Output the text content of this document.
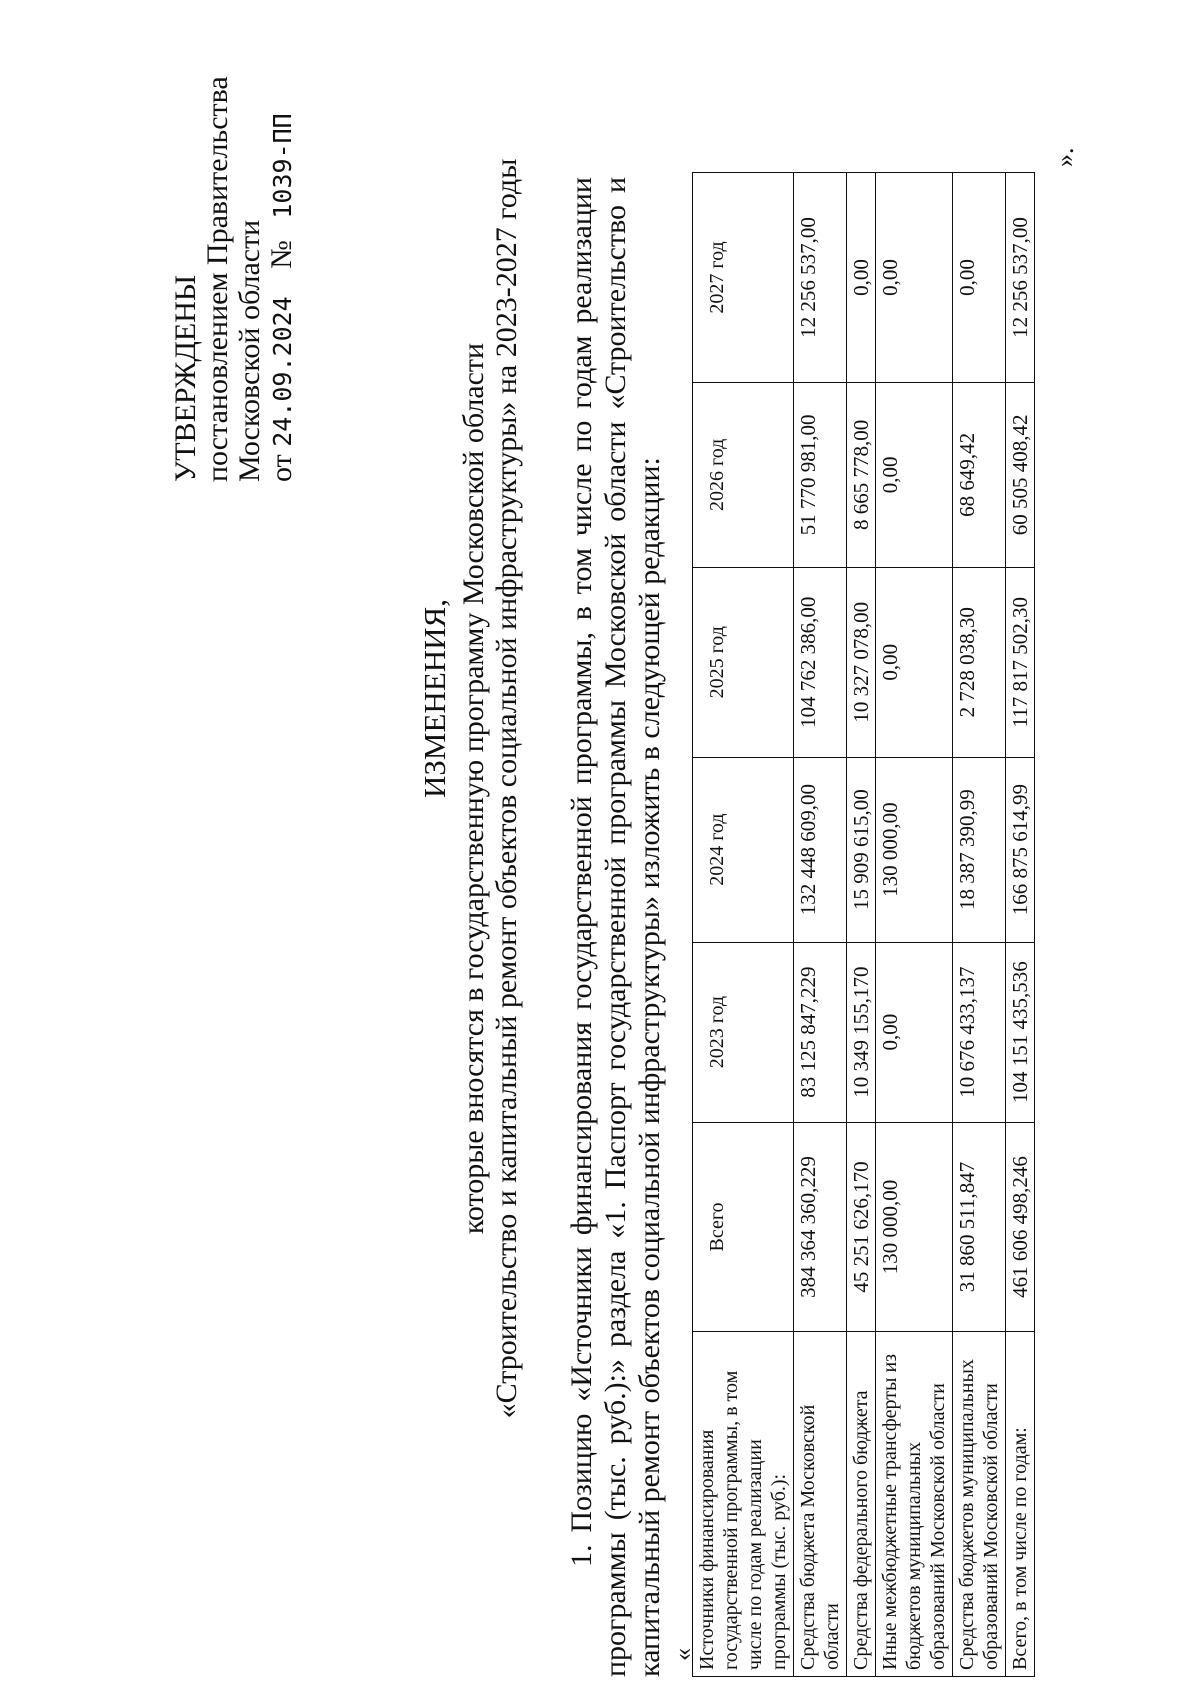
УТВЕРЖДЕНЫ постановлением Правительства Московской области от 24.09.2024 № 1039-ПП
ИЗМЕНЕНИЯ, которые вносятся в государственную программу Московской области «Строительство и капитальный ремонт объектов социальной инфраструктуры» на 2023-2027 годы 1. Позицию «Источники финансирования государственной программы, в том числе по годам реализации программы (тыс. руб.):» раздела «1. Паспорт государственной программы Московской области «Строительство и капитальный ремонт объектов социальной инфраструктуры» изложить в следующей редакции: « Источники финансирования государственной программы, в том числе по годам реализации программы (тыс. руб.):	Всего	2023 год	2024 год	2025 год	2026 год	2027 год
Средства бюджета Московской области	384 364 360,229	83 125 847,229	132 448 609,00	104 762 386,00	51 770 981,00	12 256 537,00
Средства федерального бюджета	45 251 626,170	10 349 155,170	15 909 615,00	10 327 078,00	8 665 778,00	0,00
Иные межбюджетные трансферты из бюджетов муниципальных образований Московской области	130 000,00	0,00	130 000,00	0,00	0,00	0,00
Средства бюджетов муниципальных образований Московской области	31 860 511,847	10 676 433,137	18 387 390,99	2 728 038,30	68 649,42	0,00
Всего, в том числе по годам:	461 606 498,246	104 151 435,536	166 875 614,99	117 817 502,30	60 505 408,42	12 256 537,00
».
